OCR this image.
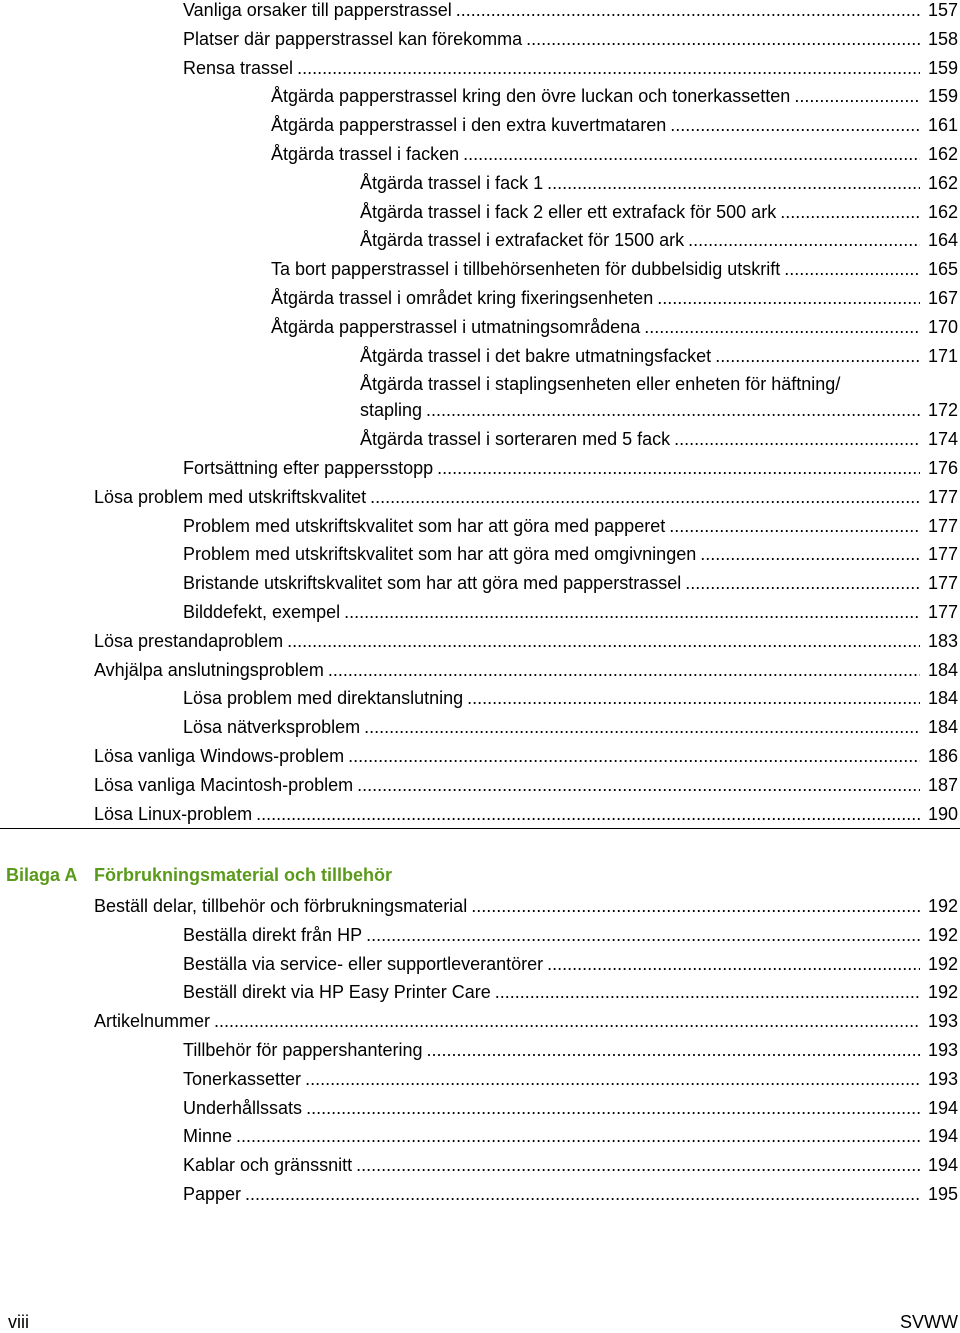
Vanliga orsaker till papperstrassel .....	157
Platser där papperstrassel kan förekomma .....	158
Rensa trassel .....	159
Åtgärda papperstrassel kring den övre luckan och tonerkassetten .....	159
Åtgärda papperstrassel i den extra kuvertmataren .....	161
Åtgärda trassel i facken .....	162
Åtgärda trassel i fack 1 .....	162
Åtgärda trassel i fack 2 eller ett extrafack för 500 ark .....	162
Åtgärda trassel i extrafacket för 1500 ark .....	164
Ta bort papperstrassel i tillbehörsenheten för dubbelsidig utskrift .....	165
Åtgärda trassel i området kring fixeringsenheten .....	167
Åtgärda papperstrassel i utmatningsområdena .....	170
Åtgärda trassel i det bakre utmatningsfacket .....	171
Åtgärda trassel i staplingsenheten eller enheten för häftning/
stapling .....	172
Åtgärda trassel i sorteraren med 5 fack .....	174
Fortsättning efter pappersstopp .....	176
Lösa problem med utskriftskvalitet .....	177
Problem med utskriftskvalitet som har att göra med papperet .....	177
Problem med utskriftskvalitet som har att göra med omgivningen .....	177
Bristande utskriftskvalitet som har att göra med papperstrassel .....	177
Bilddefekt, exempel .....	177
Lösa prestandaproblem .....	183
Avhjälpa anslutningsproblem .....	184
Lösa problem med direktanslutning .....	184
Lösa nätverksproblem .....	184
Lösa vanliga Windows-problem .....	186
Lösa vanliga Macintosh-problem .....	187
Lösa Linux-problem .....	190
Bilaga A Förbrukningsmaterial och tillbehör
Beställ delar, tillbehör och förbrukningsmaterial .....	192
Beställa direkt från HP .....	192
Beställa via service- eller supportleverantörer .....	192
Beställ direkt via HP Easy Printer Care .....	192
Artikelnummer .....	193
Tillbehör för pappershantering .....	193
Tonerkassetter .....	193
Underhållssats .....	194
Minne .....	194
Kablar och gränssnitt .....	194
Papper .....	195
viii	SVWW
